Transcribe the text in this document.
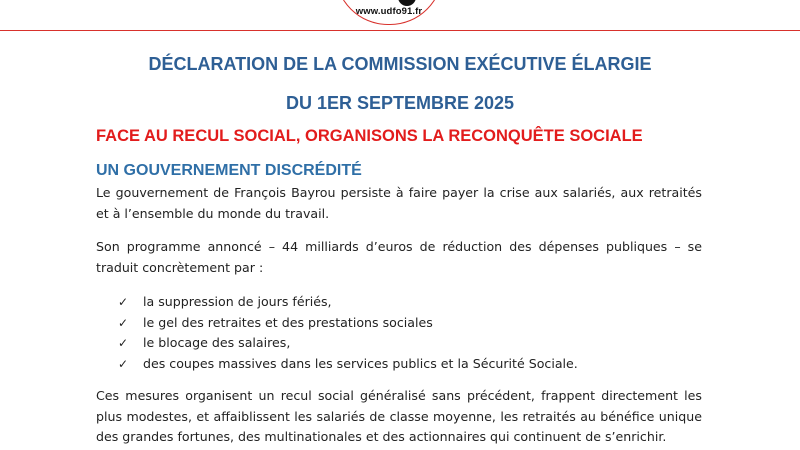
www.udfo91.fr
DÉCLARATION DE LA COMMISSION EXÉCUTIVE ÉLARGIE
DU 1ER SEPTEMBRE 2025
FACE AU RECUL SOCIAL, ORGANISONS LA RECONQUÊTE SOCIALE
UN GOUVERNEMENT DISCRÉDITÉ
Le gouvernement de François Bayrou persiste à faire payer la crise aux salariés, aux retraités et à l’ensemble du monde du travail.
Son programme annoncé – 44 milliards d’euros de réduction des dépenses publiques – se traduit concrètement par :
✓ la suppression de jours fériés,
✓ le gel des retraites et des prestations sociales
✓ le blocage des salaires,
✓ des coupes massives dans les services publics et la Sécurité Sociale.
Ces mesures organisent un recul social généralisé sans précédent, frappent directement les plus modestes, et affaiblissent les salariés de classe moyenne, les retraités au bénéfice unique des grandes fortunes, des multinationales et des actionnaires qui continuent de s’enrichir.
